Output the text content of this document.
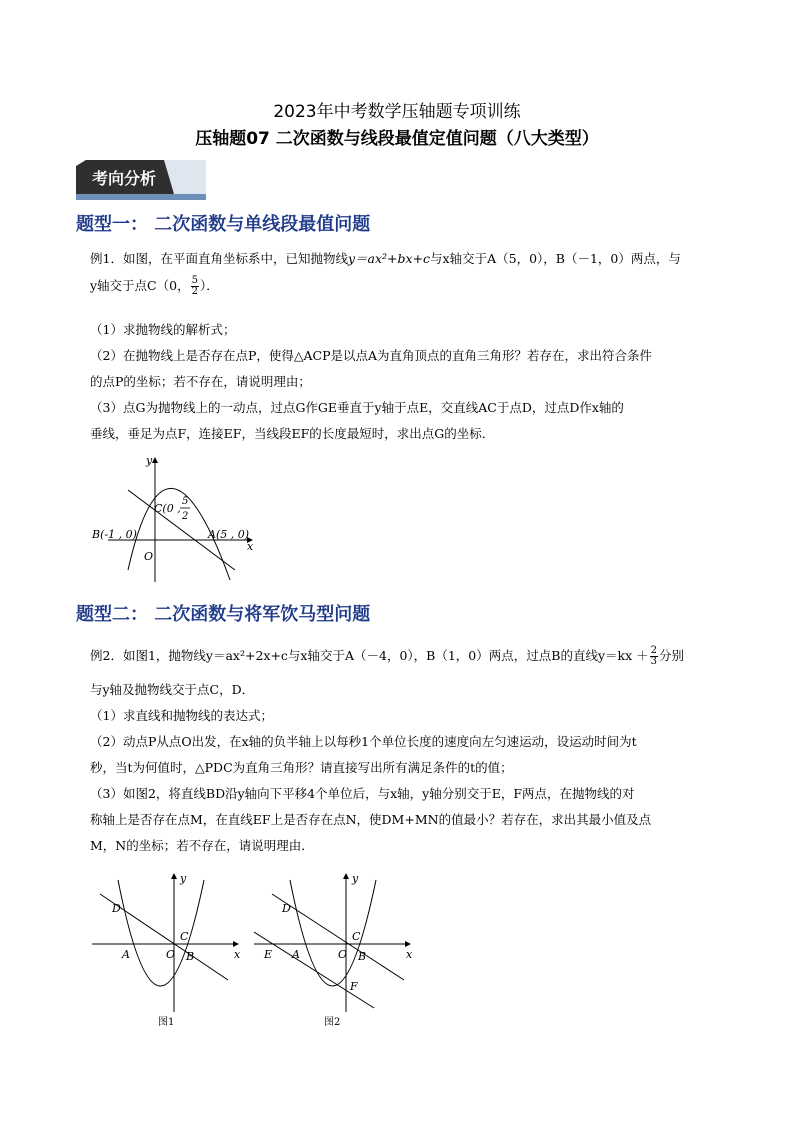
2023年中考数学压轴题专项训练
压轴题07 二次函数与线段最值定值问题（八大类型）
考向分析
题型一： 二次函数与单线段最值问题
例1．如图，在平面直角坐标系中，已知抛物线y＝ax²+bx+c与x轴交于A（5，0），B（－1，0）两点，与
y轴交于点C（0， $\frac{5}{2}$ ）．
（1）求抛物线的解析式；
（2）在抛物线上是否存在点P，使得△ACP是以点A为直角顶点的直角三角形？若存在，求出符合条件
的点P的坐标；若不存在，请说明理由；
（3）点G为抛物线上的一动点，过点G作GE垂直于y轴于点E，交直线AC于点D，过点D作x轴的
垂线，垂足为点F，连接EF，当线段EF的长度最短时，求出点G的坐标．
y
x
O
C(0 ,
5
2
B(-1 , 0)	A(5 , 0)
题型二： 二次函数与将军饮马型问题
例2．如图1，抛物线y＝ax²+2x+c与x轴交于A（－4，0），B（1，0）两点，过点B的直线$y=kx + \frac{2}{3}$ 分别
与y轴及抛物线交于点C，D．
（1）求直线和抛物线的表达式；
（2）动点P从点O出发，在x轴的负半轴上以每秒1个单位长度的速度向左匀速运动，设运动时间为t
秒，当t为何值时，△PDC为直角三角形？请直接写出所有满足条件的t的值；
（3）如图2，将直线BD沿y轴向下平移4个单位后，与x轴，y轴分别交于E，F两点，在抛物线的对
称轴上是否存在点M，在直线EF上是否存在点N，使DM+MN的值最小？若存在，求出其最小值及点
M，N的坐标；若不存在，请说明理由．
y
x
D
C
A	O B
图1
y
x
D
C
E A	O B
F
图2
